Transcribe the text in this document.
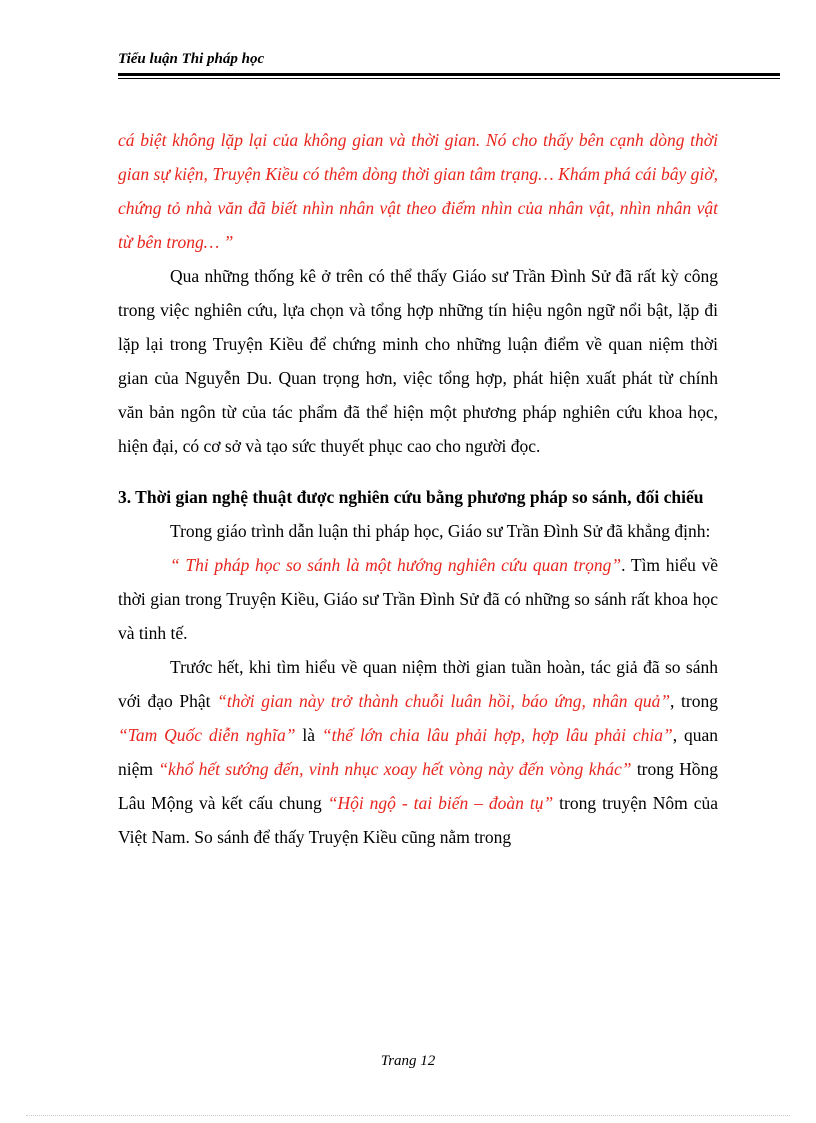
Tiểu luận Thi pháp học

cá biệt không lặp lại của không gian và thời gian. Nó cho thấy bên cạnh dòng thời gian sự kiện, Truyện Kiều có thêm dòng thời gian tâm trạng… Khám phá cái bây giờ, chứng tỏ nhà văn đã biết nhìn nhân vật theo điểm nhìn của nhân vật, nhìn nhân vật từ bên trong… ”

Qua những thống kê ở trên có thể thấy Giáo sư Trần Đình Sử đã rất kỳ công trong việc nghiên cứu, lựa chọn và tổng hợp những tín hiệu ngôn ngữ nổi bật, lặp đi lặp lại trong Truyện Kiều để chứng minh cho những luận điểm về quan niệm thời gian của Nguyễn Du. Quan trọng hơn, việc tổng hợp, phát hiện xuất phát từ chính văn bản ngôn từ của tác phẩm đã thể hiện một phương pháp nghiên cứu khoa học, hiện đại, có cơ sở và tạo sức thuyết phục cao cho người đọc.

3. Thời gian nghệ thuật được nghiên cứu bằng phương pháp so sánh, đối chiếu

Trong giáo trình dẫn luận thi pháp học, Giáo sư Trần Đình Sử đã khẳng định:

“ Thi pháp học so sánh là một hướng nghiên cứu quan trọng”. Tìm hiểu về thời gian trong Truyện Kiều, Giáo sư Trần Đình Sử đã có những so sánh rất khoa học và tinh tế.

Trước hết, khi tìm hiểu về quan niệm thời gian tuần hoàn, tác giả đã so sánh với đạo Phật “thời gian này trở thành chuỗi luân hồi, báo ứng, nhân quả”, trong “Tam Quốc diễn nghĩa” là “thế lớn chia lâu phải hợp, hợp lâu phải chia”, quan niệm “khổ hết sướng đến, vinh nhục xoay hết vòng này đến vòng khác” trong Hồng Lâu Mộng và kết cấu chung “Hội ngộ - tai biến – đoàn tụ” trong truyện Nôm của Việt Nam. So sánh để thấy Truyện Kiều cũng nằm trong

Trang 12
